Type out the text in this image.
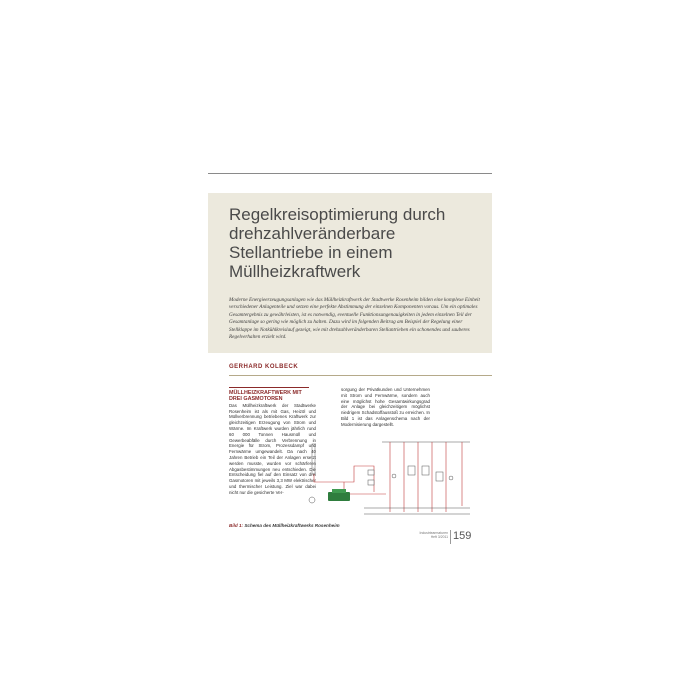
Regelkreisoptimierung durch drehzahlveränderbare Stellantriebe in einem Müllheizkraftwerk

Moderne Energieerzeugungsanlagen wie das Müllheizkraftwerk der Stadtwerke Rosenheim bilden eine komplexe Einheit verschiedener Anlagenteile und setzen eine perfekte Abstimmung der einzelnen Komponenten voraus. Um ein optimales Gesamtergebnis zu gewährleisten, ist es notwendig, eventuelle Funktionsungenauigkeiten in jedem einzelnen Teil der Gesamtanlage so gering wie möglich zu halten. Dazu wird im folgenden Beitrag am Beispiel der Regelung einer Stellklappe im Notkühlkreislauf gezeigt, wie mit drehzahlveränderbaren Stellantrieben ein schonendes und sauberes Regelverhalten erzielt wird.

GERHARD KOLBECK

MÜLLHEIZKRAFTWERK MIT DREI GASMOTOREN

Das Müllheizkraftwerk der Stadtwerke Rosenheim ist als mit Gas, Heizöl und Müllverbrennung betriebenes Kraftwerk zur gleichzeitigen Erzeugung von Strom und Wärme. Im Kraftwerk wurden jährlich rund 60 000 Tonnen Hausmüll und Gewerbeabfälle durch Verbrennung in Energie für Strom, Prozessdampf und Fernwärme umgewandelt. Da nach 40 Jahren Betrieb ein Teil der Anlagen ersetzt werden musste, wurden vor schärferen Abgasbestimmungen neu entschieden. Die Entscheidung fiel auf den Einsatz von drei Gasmotoren mit jeweils 3,3 MW elektrischer und thermischer Leistung. Ziel war dabei nicht nur die gesicherte Ver-

sorgung der Privatkunden und Unternehmen mit Strom und Fernwärme, sondern auch eine möglichst hohe Gesamtwirkungsgrad der Anlage bei gleichzeitigem möglichst niedrigem Schadstoffausstoß zu erreichen. In Bild 1 ist das Anlagenschema nach der Modernisierung dargestellt.

Bild 1: Schema des Müllheizkraftwerks Rosenheim

Industriearmaturen
Heft 3/2011 159
